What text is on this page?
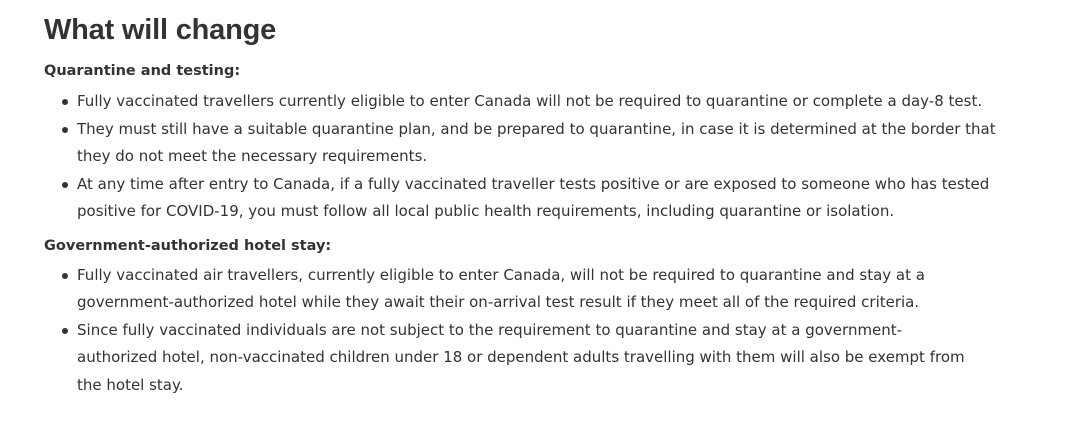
What will change

Quarantine and testing:

Fully vaccinated travellers currently eligible to enter Canada will not be required to quarantine or complete a day-8 test.
They must still have a suitable quarantine plan, and be prepared to quarantine, in case it is determined at the border that they do not meet the necessary requirements.
At any time after entry to Canada, if a fully vaccinated traveller tests positive or are exposed to someone who has tested positive for COVID-19, you must follow all local public health requirements, including quarantine or isolation.

Government-authorized hotel stay:

Fully vaccinated air travellers, currently eligible to enter Canada, will not be required to quarantine and stay at a government-authorized hotel while they await their on-arrival test result if they meet all of the required criteria.
Since fully vaccinated individuals are not subject to the requirement to quarantine and stay at a government-authorized hotel, non-vaccinated children under 18 or dependent adults travelling with them will also be exempt from the hotel stay.
